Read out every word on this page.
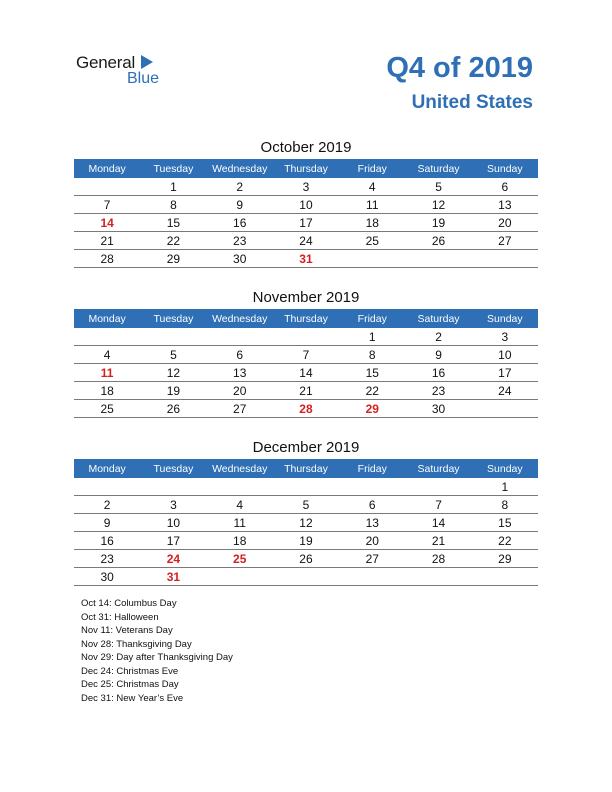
General
Blue	Q4 of 2019
United States
October 2019
Monday	Tuesday	Wednesday	Thursday	Friday	Saturday	Sunday
	1	2	3	4	5	6
7	8	9	10	11	12	13
14	15	16	17	18	19	20
21	22	23	24	25	26	27
28	29	30	31			
November 2019
Monday	Tuesday	Wednesday	Thursday	Friday	Saturday	Sunday
				1	2	3
4	5	6	7	8	9	10
11	12	13	14	15	16	17
18	19	20	21	22	23	24
25	26	27	28	29	30	
December 2019
Monday	Tuesday	Wednesday	Thursday	Friday	Saturday	Sunday
						1
2	3	4	5	6	7	8
9	10	11	12	13	14	15
16	17	18	19	20	21	22
23	24	25	26	27	28	29
30	31					
Oct 14: Columbus Day
Oct 31: Halloween
Nov 11: Veterans Day
Nov 28: Thanksgiving Day
Nov 29: Day after Thanksgiving Day
Dec 24: Christmas Eve
Dec 25: Christmas Day
Dec 31: New Year’s Eve
